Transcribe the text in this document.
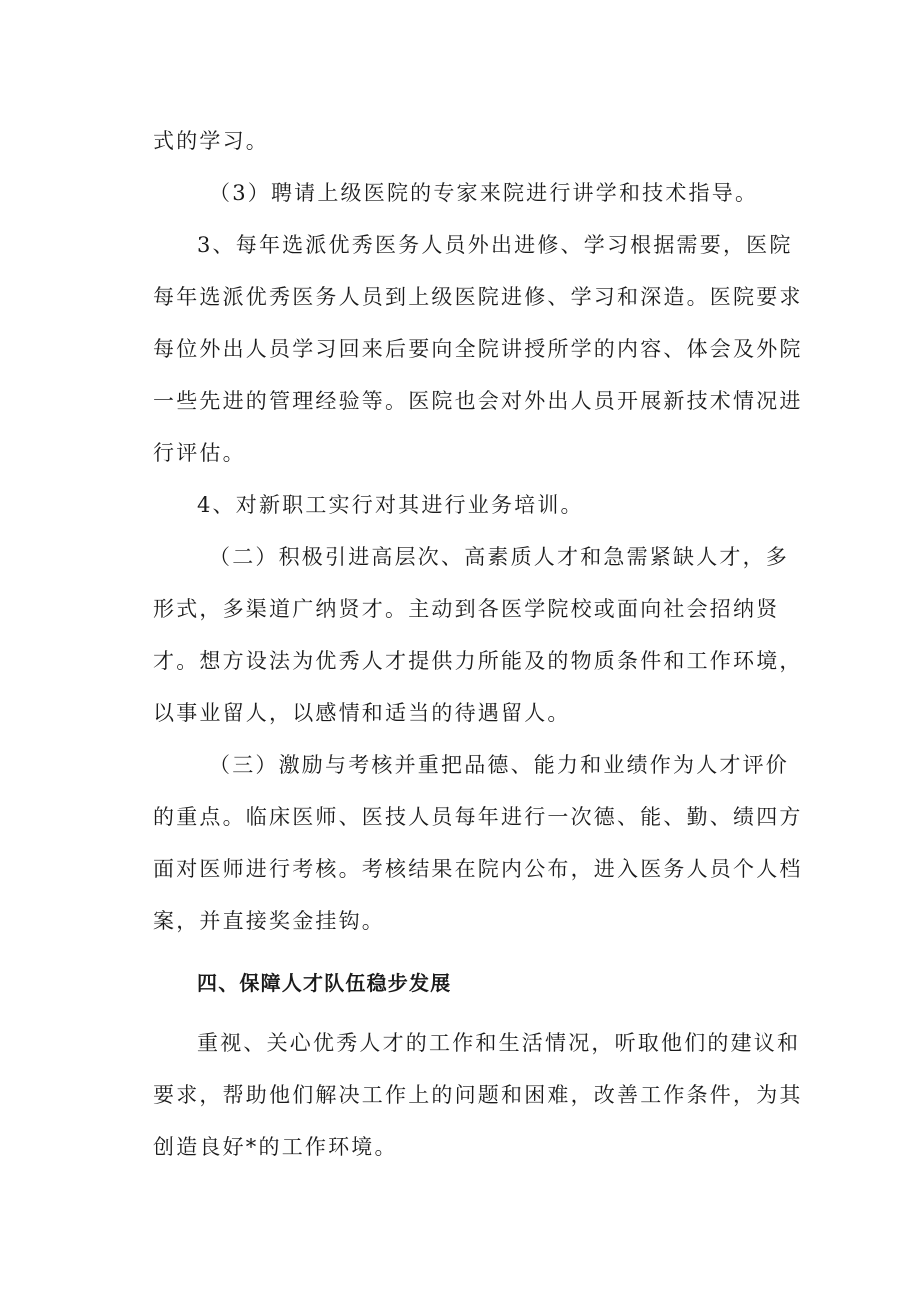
式的学习。
（3）聘请上级医院的专家来院进行讲学和技术指导。
3、每年选派优秀医务人员外出进修、学习根据需要，医院
每年选派优秀医务人员到上级医院进修、学习和深造。医院要求
每位外出人员学习回来后要向全院讲授所学的内容、体会及外院
一些先进的管理经验等。医院也会对外出人员开展新技术情况进
行评估。
4、对新职工实行对其进行业务培训。
（二）积极引进高层次、高素质人才和急需紧缺人才，多
形式，多渠道广纳贤才。主动到各医学院校或面向社会招纳贤
才。想方设法为优秀人才提供力所能及的物质条件和工作环境，
以事业留人，以感情和适当的待遇留人。
（三）激励与考核并重把品德、能力和业绩作为人才评价
的重点。临床医师、医技人员每年进行一次德、能、勤、绩四方
面对医师进行考核。考核结果在院内公布，进入医务人员个人档
案，并直接奖金挂钩。
四、保障人才队伍稳步发展
重视、关心优秀人才的工作和生活情况，听取他们的建议和
要求，帮助他们解决工作上的问题和困难，改善工作条件，为其
创造良好*的工作环境。
